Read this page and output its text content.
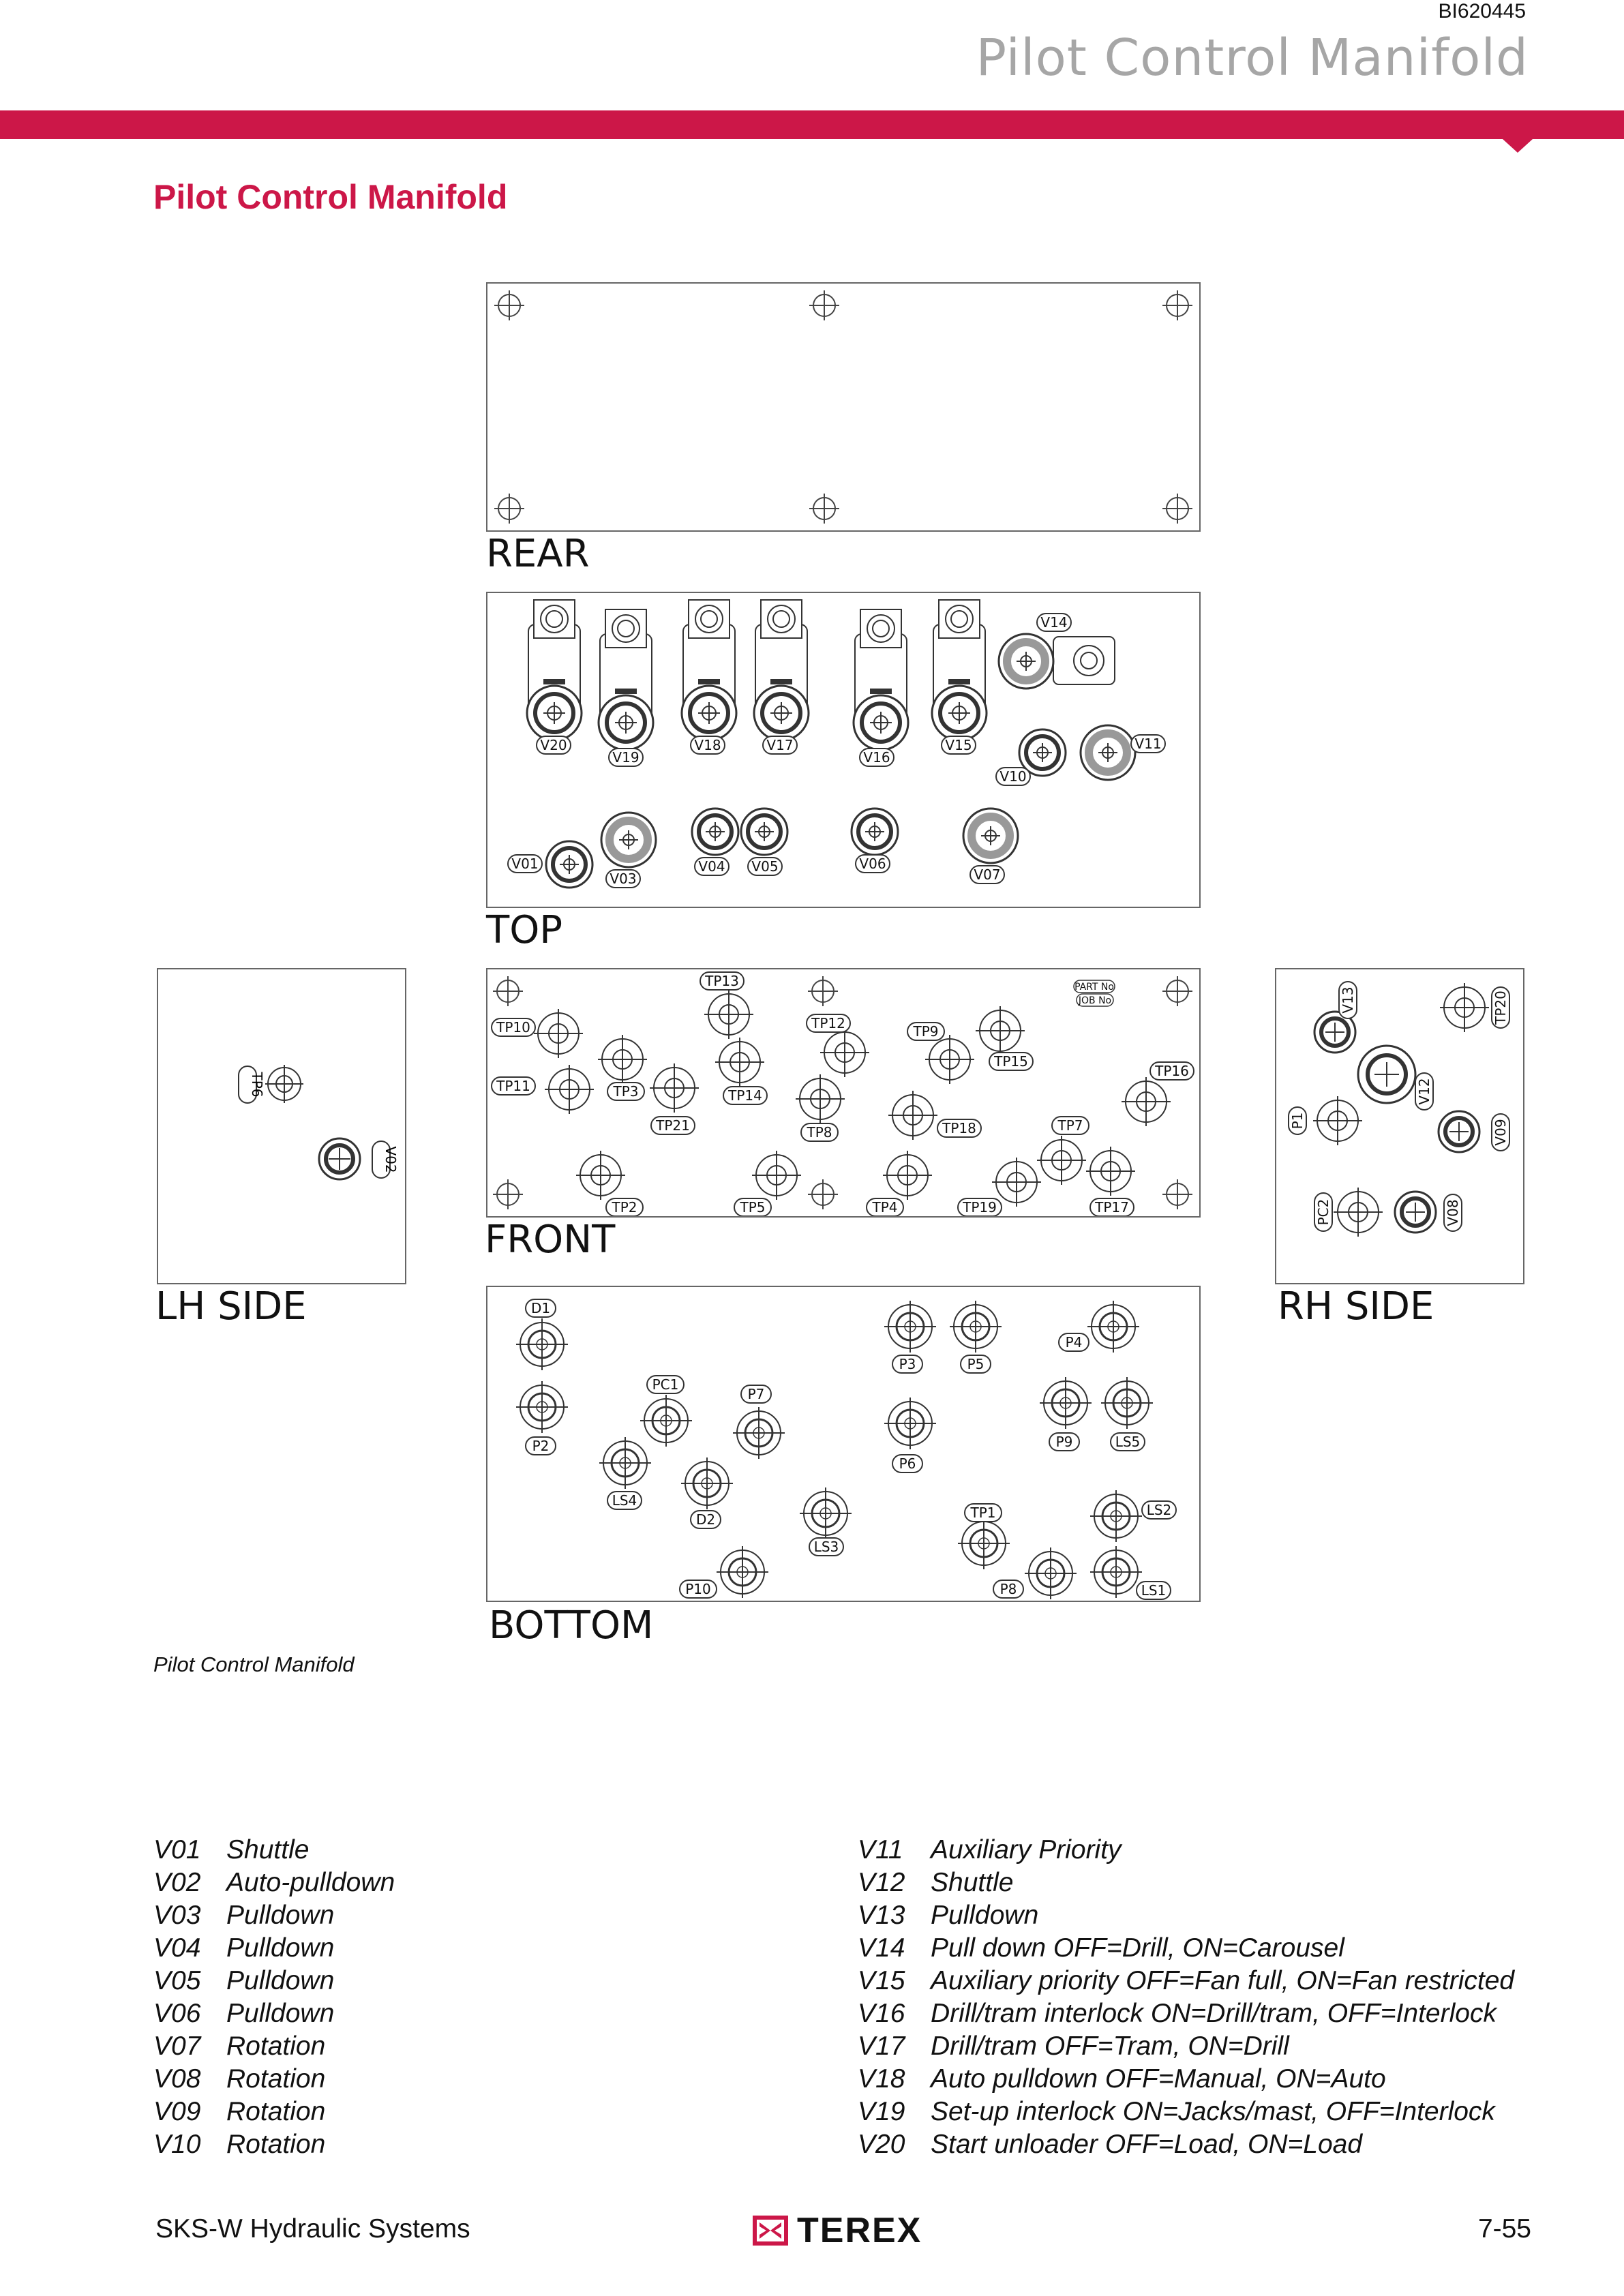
BI620445
Pilot Control Manifold
Pilot Control Manifold
REAR
V20
V19
V18	V17
V16
V15
V14
V10
V11
V01
V03
V04 V05	V06
V07
TOP
TP6
V02
LH SIDE
TP13
TP10	TP12	TP9
TP15
TP16
TP11	TP3	TP14
TP21	TP8	TP18	TP7
TP2	TP5	TP4	TP19	TP17
PART No
JOB No
FRONT
V13	TP20
V12
P1	V09
PC2	V08
RH SIDE
D1
P2
PC1
P7
LS4
D2
LS3
P10
P3	P5
P4
P6
P9	LS5
TP1	LS2
P8	LS1
BOTTOM
Pilot Control Manifold
V01 Shuttle
V02 Auto-pulldown
V03 Pulldown
V04 Pulldown
V05 Pulldown
V06 Pulldown
V07 Rotation
V08 Rotation
V09 Rotation
V10 Rotation
V11	Auxiliary Priority
V12 Shuttle
V13 Pulldown
V14 Pull down OFF=Drill, ON=Carousel
V15 Auxiliary priority OFF=Fan full, ON=Fan restricted
V16 Drill/tram interlock ON=Drill/tram, OFF=Interlock
V17 Drill/tram OFF=Tram, ON=Drill
V18 Auto pulldown OFF=Manual, ON=Auto
V19 Set-up interlock ON=Jacks/mast, OFF=Interlock
V20 Start unloader OFF=Load, ON=Load
SKS-W Hydraulic Systems	TEREX	7-55
